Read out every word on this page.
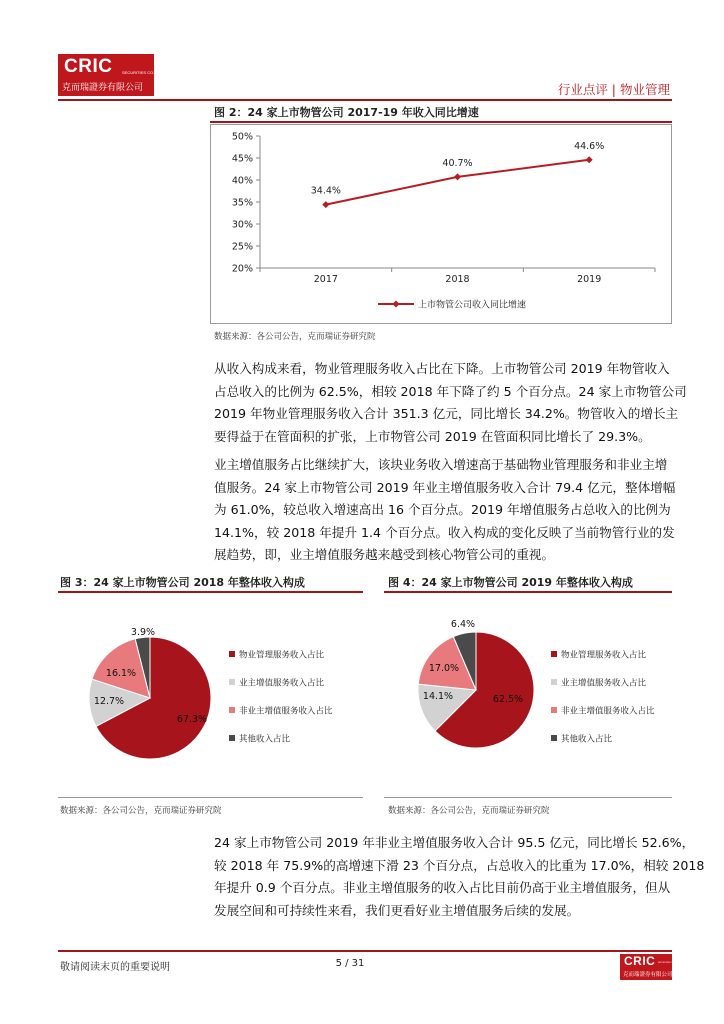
CRIC SECURITIES CO.,LTD
克而瑞證券有限公司	行业点评 | 物业管理
图 2：24 家上市物管公司 2017-19 年收入同比增速
20%
25%
30%
35%
40%
45%
50%
2017	2018	2019
34.4%
40.7%
44.6%
上市物管公司收入同比增速
数据来源：各公司公告，克而瑞证券研究院
从收入构成来看，物业管理服务收入占比在下降。上市物管公司 2019 年物管收入
占总收入的比例为 62.5%，相较 2018 年下降了约 5 个百分点。24 家上市物管公司
2019 年物业管理服务收入合计 351.3 亿元，同比增长 34.2%。物管收入的增长主
要得益于在管面积的扩张，上市物管公司 2019 在管面积同比增长了 29.3%。
业主增值服务占比继续扩大，该块业务收入增速高于基础物业管理服务和非业主增
值服务。24 家上市物管公司 2019 年业主增值服务收入合计 79.4 亿元，整体增幅
为 61.0%，较总收入增速高出 16 个百分点。2019 年增值服务占总收入的比例为
14.1%，较 2018 年提升 1.4 个百分点。收入构成的变化反映了当前物管行业的发
展趋势，即，业主增值服务越来越受到核心物管公司的重视。
图 3：24 家上市物管公司 2018 年整体收入构成	图 4：24 家上市物管公司 2019 年整体收入构成
67.3%
12.7%
16.1%
3.9%
物业管理服务收入占比
业主增值服务收入占比
非业主增值服务收入占比
其他收入占比
62.5%
14.1%
17.0%
6.4%
物业管理服务收入占比
业主增值服务收入占比
非业主增值服务收入占比
其他收入占比
数据来源：各公司公告，克而瑞证券研究院	数据来源：各公司公告，克而瑞证券研究院
24 家上市物管公司 2019 年非业主增值服务收入合计 95.5 亿元，同比增长 52.6%，
较 2018 年 75.9%的高增速下滑 23 个百分点，占总收入的比重为 17.0%，相较 2018
年提升 0.9 个百分点。非业主增值服务的收入占比目前仍高于业主增值服务，但从
发展空间和可持续性来看，我们更看好业主增值服务后续的发展。
敬请阅读末页的重要说明	5 / 31	CRIC SECURITIES CO.,LTD
克而瑞證券有限公司
